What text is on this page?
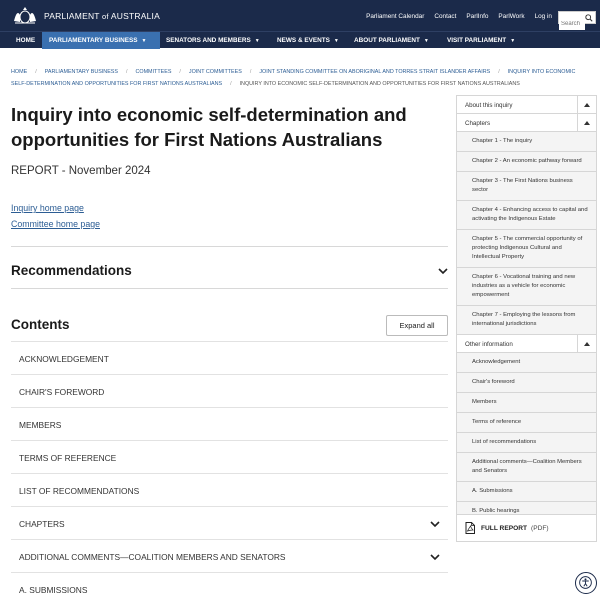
PARLIAMENT of AUSTRALIA	Parliament Calendar Contact ParlInfo ParlWork Log in
Search
HOME	PARLIAMENTARY BUSINESS ▼	SENATORS AND MEMBERS ▼	NEWS & EVENTS ▼ ABOUT PARLIAMENT ▼	VISIT PARLIAMENT ▼
HOME / PARLIAMENTARY BUSINESS / COMMITTEES / JOINT COMMITTEES / JOINT STANDING COMMITTEE ON ABORIGINAL AND TORRES STRAIT ISLANDER AFFAIRS / INQUIRY INTO ECONOMIC SELF-DETERMINATION AND OPPORTUNITIES FOR FIRST NATIONS AUSTRALIANS / INQUIRY INTO ECONOMIC SELF-DETERMINATION AND OPPORTUNITIES FOR FIRST NATIONS AUSTRALIANS
Inquiry into economic self-determination and opportunities for First Nations Australians
REPORT - November 2024
Inquiry home page
Committee home page
Recommendations
Contents	Expand all
ACKNOWLEDGEMENT
CHAIR'S FOREWORD
MEMBERS
TERMS OF REFERENCE
LIST OF RECOMMENDATIONS
CHAPTERS
ADDITIONAL COMMENTS—COALITION MEMBERS AND SENATORS
A. SUBMISSIONS
About this inquiry
Chapters
Chapter 1 - The inquiry
Chapter 2 - An economic pathway forward
Chapter 3 - The First Nations business sector
Chapter 4 - Enhancing access to capital and activating the Indigenous Estate
Chapter 5 - The commercial opportunity of protecting Indigenous Cultural and Intellectual Property
Chapter 6 - Vocational training and new industries as a vehicle for economic empowerment
Chapter 7 - Employing the lessons from international jurisdictions
Other information
Acknowledgement
Chair's foreword
Members
Terms of reference
List of recommendations
Additional comments—Coalition Members and Senators
A. Submissions
B. Public hearings
FULL REPORT (PDF)
